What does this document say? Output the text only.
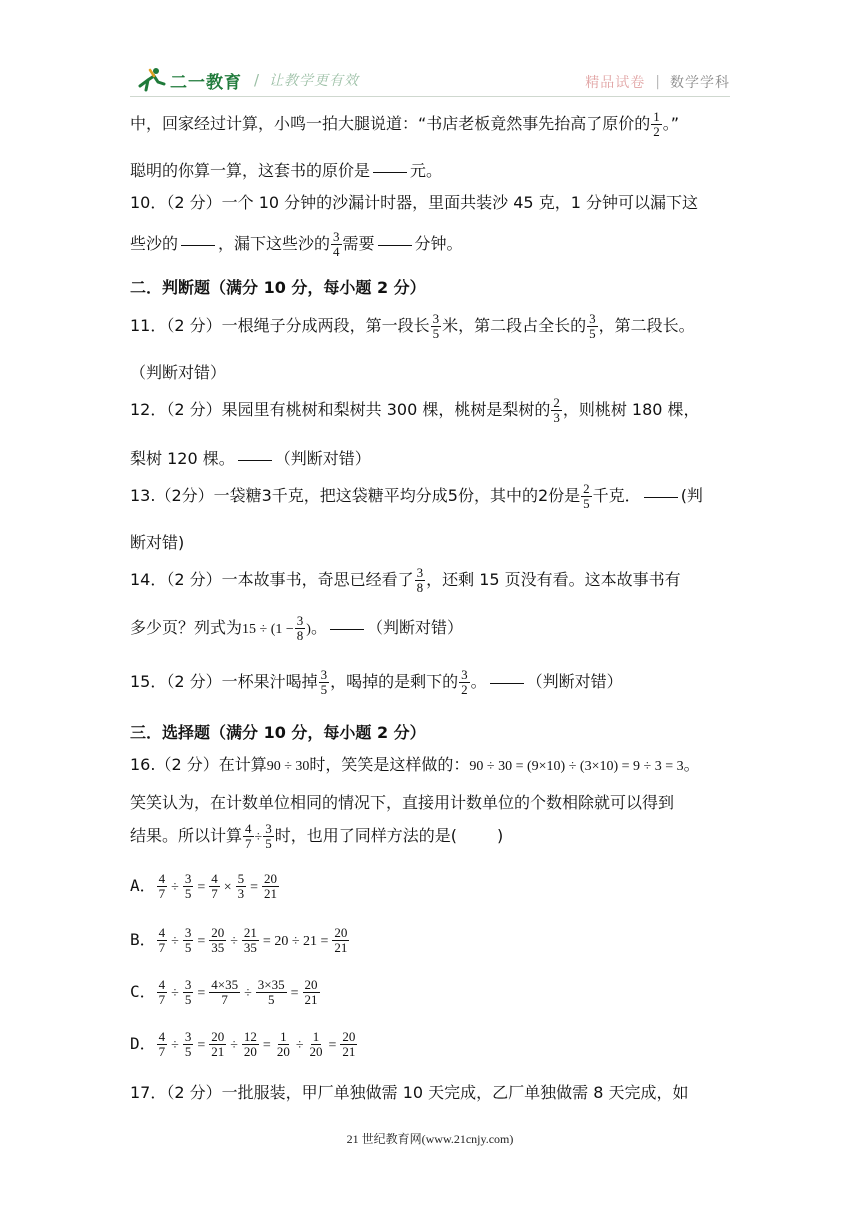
二一教育 / 让教学更有效	精品试卷 | 数学学科
中，回家经过计算，小鸣一拍大腿说道：“书店老板竟然事先抬高了原价的 $\frac{1}{2}$ 。”
聪明的你算一算，这套书的原价是	元。
10．（2 分）一个 10 分钟的沙漏计时器，里面共装沙 45 克，1 分钟可以漏下这
些沙的	，漏下这些沙的 $\frac{3}{4}$ 需要	分钟。
二．判断题（满分 10 分，每小题 2 分）
11．（2 分）一根绳子分成两段，第一段长 $\frac{3}{5}$ 米，第二段占全长的 $\frac{3}{5}$ ，第二段长。
（判断对错）
12．（2 分）果园里有桃树和梨树共 300 棵，桃树是梨树的 $\frac{2}{3}$ ，则桃树 180 棵，
梨树 120 棵。	（判断对错）
13.（2分）一袋糖3千克，把这袋糖平均分成5份，其中的2份是 $\frac{2}{5}$ 千克．	(判
断对错)
14．（2 分）一本故事书，奇思已经看了 $\frac{3}{8}$ ，还剩 15 页没有看。这本故事书有
多少页？列式为$15 \div (1 - \frac{3}{8}$ )。	（判断对错）
15．（2 分）一杯果汁喝掉 $\frac{3}{5}$ ，喝掉的是剩下的 $\frac{3}{2}$ 。	（判断对错）
三．选择题（满分 10 分，每小题 2 分）
16.（2 分）在计算90 ÷ 30时，笑笑是这样做的：90 ÷ 30 = (9×10) ÷ (3×10) = 9 ÷ 3 = 3。
笑笑认为，在计数单位相同的情况下，直接用计数单位的个数相除就可以得到
结果。所以计算 $\frac{4}{7} \div \frac{3}{5}$ 时，也用了同样方法的是(	)
A． $\frac{4}{7} \div \frac{3}{5} = \frac{4}{7} \times \frac{5}{3} = \frac{20}{21}$
B． $\frac{4}{7} \div \frac{3}{5} = \frac{20}{35} \div \frac{21}{35} = 20 \div 21 = \frac{20}{21}$
C． $\frac{4}{7} \div \frac{3}{5} = \frac{4\times 35}{7} \div \frac{3\times 35}{5} = \frac{20}{21}$
D． $\frac{4}{7} \div \frac{3}{5} = \frac{20}{21} \div \frac{12}{20} = \frac{1}{20} \div \frac{1}{20} = \frac{20}{21}$
17．（2 分）一批服装，甲厂单独做需 10 天完成，乙厂单独做需 8 天完成，如
21 世纪教育网(www.21cnjy.com)
